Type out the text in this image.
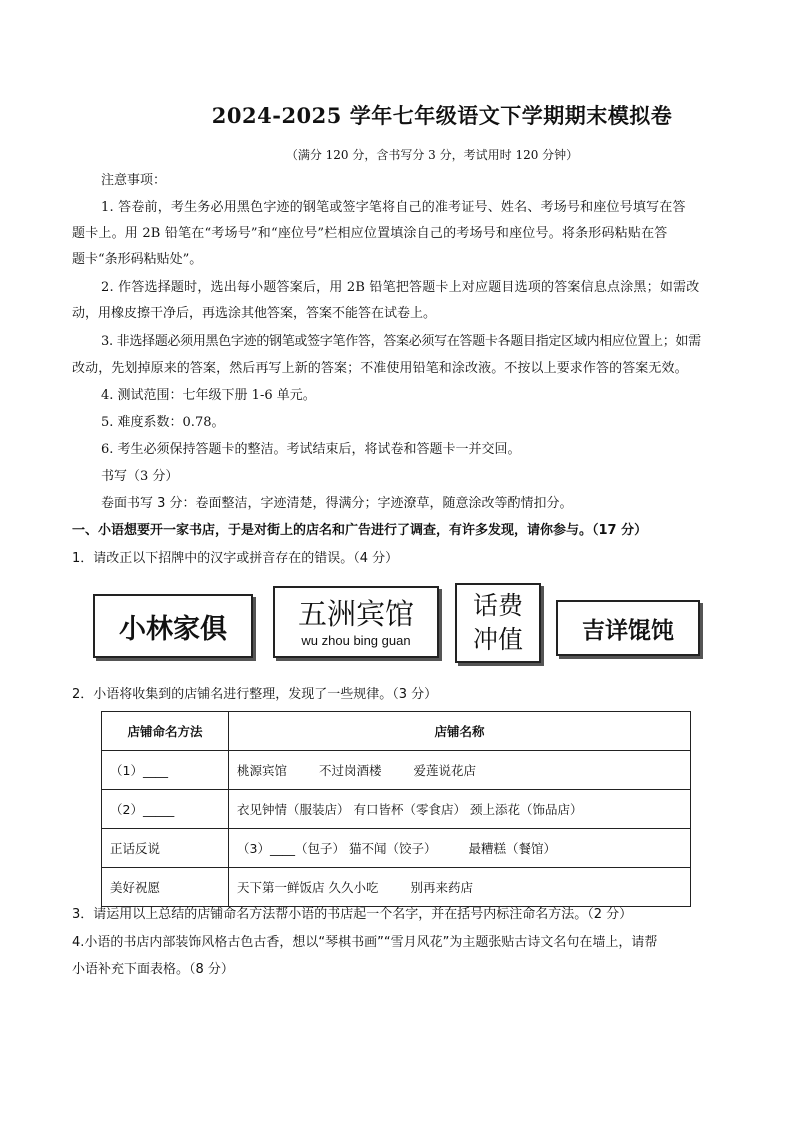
2024-2025 学年七年级语文下学期期末模拟卷
（满分 120 分，含书写分 3 分，考试用时 120 分钟）
注意事项：
1. 答卷前，考生务必用黑色字迹的钢笔或签字笔将自己的准考证号、姓名、考场号和座位号填写在答
题卡上。用 2B 铅笔在“考场号”和“座位号”栏相应位置填涂自己的考场号和座位号。将条形码粘贴在答
题卡“条形码粘贴处”。
2. 作答选择题时，选出每小题答案后，用 2B 铅笔把答题卡上对应题目选项的答案信息点涂黑；如需改
动，用橡皮擦干净后，再选涂其他答案，答案不能答在试卷上。
3. 非选择题必须用黑色字迹的钢笔或签字笔作答，答案必须写在答题卡各题目指定区域内相应位置上；如需
改动，先划掉原来的答案，然后再写上新的答案；不准使用铅笔和涂改液。不按以上要求作答的答案无效。
4. 测试范围：七年级下册 1-6 单元。
5. 难度系数：0.78。
6. 考生必须保持答题卡的整洁。考试结束后，将试卷和答题卡一并交回。
书写（3 分）
卷面书写 3 分：卷面整洁，字迹清楚，得满分；字迹潦草，随意涂改等酌情扣分。
一、小语想要开一家书店，于是对街上的店名和广告进行了调查，有许多发现，请你参与。（17 分）
1．请改正以下招牌中的汉字或拼音存在的错误。（4 分）
小林家俱	五洲宾馆
wu zhou bing guan
话费
冲值	吉详馄饨
2．小语将收集到的店铺名进行整理，发现了一些规律。（3 分）
店铺命名方法	店铺名称
（1）____	桃源宾馆 不过岗酒楼 爱莲说花店
（2）_____	衣见钟情（服装店） 有口皆杯（零食店） 颈上添花（饰品店）
正话反说	（3）____（包子） 猫不闻（饺子） 最糟糕（餐馆）
美好祝愿	天下第一鲜饭店 久久小吃 别再来药店
3．请运用以上总结的店铺命名方法帮小语的书店起一个名字，并在括号内标注命名方法。（2 分）
4.小语的书店内部装饰风格古色古香，想以“琴棋书画”“雪月风花”为主题张贴古诗文名句在墙上，请帮
小语补充下面表格。（8 分）
